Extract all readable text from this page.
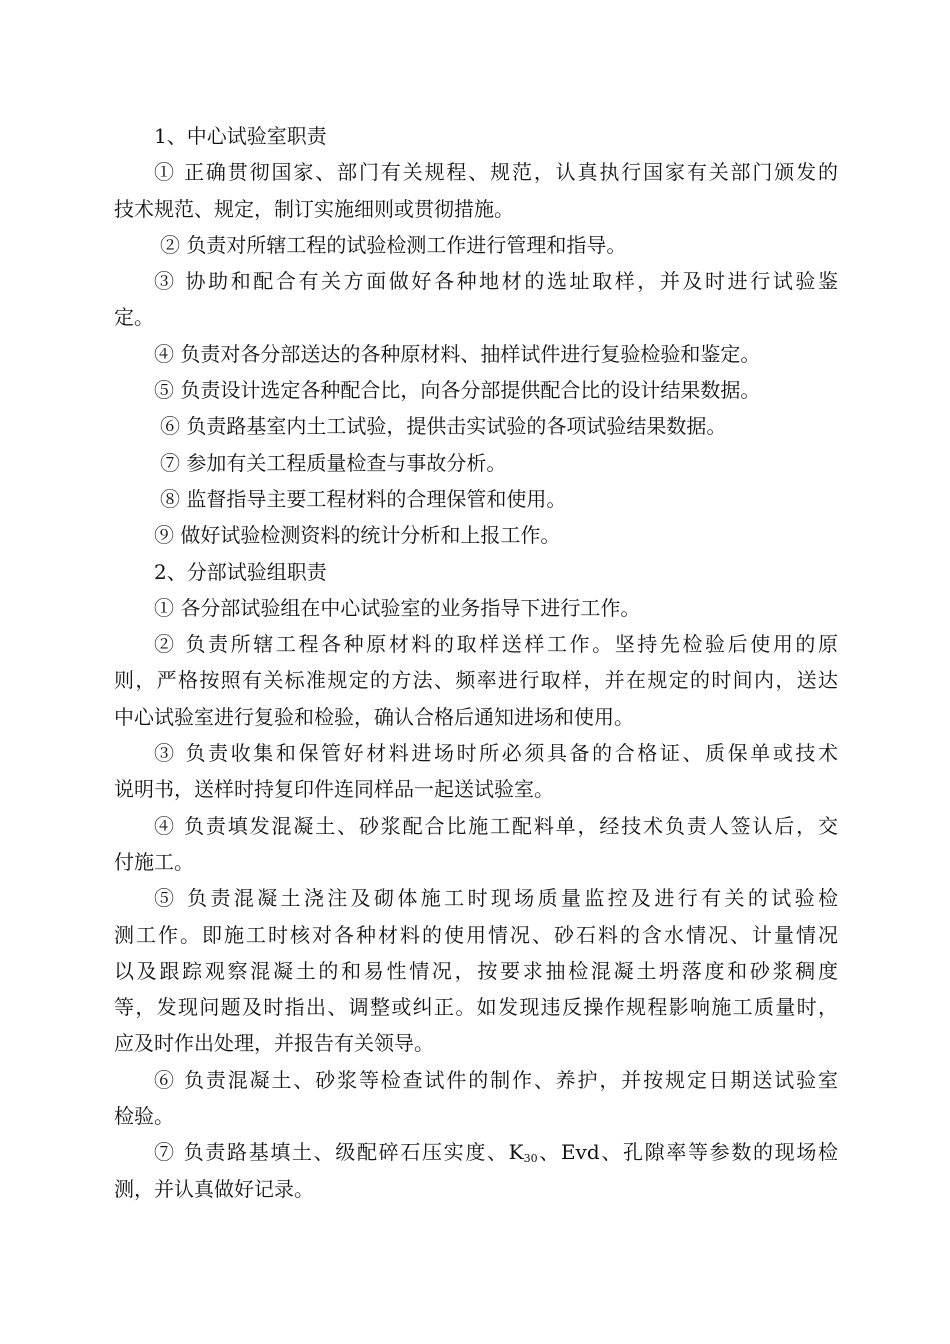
1、中心试验室职责
① 正确贯彻国家、部门有关规程、规范，认真执行国家有关部门颁发的
技术规范、规定，制订实施细则或贯彻措施。
② 负责对所辖工程的试验检测工作进行管理和指导。
③ 协助和配合有关方面做好各种地材的选址取样，并及时进行试验鉴
定。
④ 负责对各分部送达的各种原材料、抽样试件进行复验检验和鉴定。
⑤ 负责设计选定各种配合比，向各分部提供配合比的设计结果数据。
⑥ 负责路基室内土工试验，提供击实试验的各项试验结果数据。
⑦ 参加有关工程质量检查与事故分析。
⑧ 监督指导主要工程材料的合理保管和使用。
⑨ 做好试验检测资料的统计分析和上报工作。
2、分部试验组职责
① 各分部试验组在中心试验室的业务指导下进行工作。
② 负责所辖工程各种原材料的取样送样工作。坚持先检验后使用的原
则，严格按照有关标准规定的方法、频率进行取样，并在规定的时间内，送达
中心试验室进行复验和检验，确认合格后通知进场和使用。
③ 负责收集和保管好材料进场时所必须具备的合格证、质保单或技术
说明书，送样时持复印件连同样品一起送试验室。
④ 负责填发混凝土、砂浆配合比施工配料单，经技术负责人签认后，交
付施工。
⑤ 负责混凝土浇注及砌体施工时现场质量监控及进行有关的试验检
测工作。即施工时核对各种材料的使用情况、砂石料的含水情况、计量情况
以及跟踪观察混凝土的和易性情况，按要求抽检混凝土坍落度和砂浆稠度
等，发现问题及时指出、调整或纠正。如发现违反操作规程影响施工质量时，
应及时作出处理，并报告有关领导。
⑥ 负责混凝土、砂浆等检查试件的制作、养护，并按规定日期送试验室
检验。
⑦ 负责路基填土、级配碎石压实度、$K_{30}$、Evd、孔隙率等参数的现场检
测，并认真做好记录。
